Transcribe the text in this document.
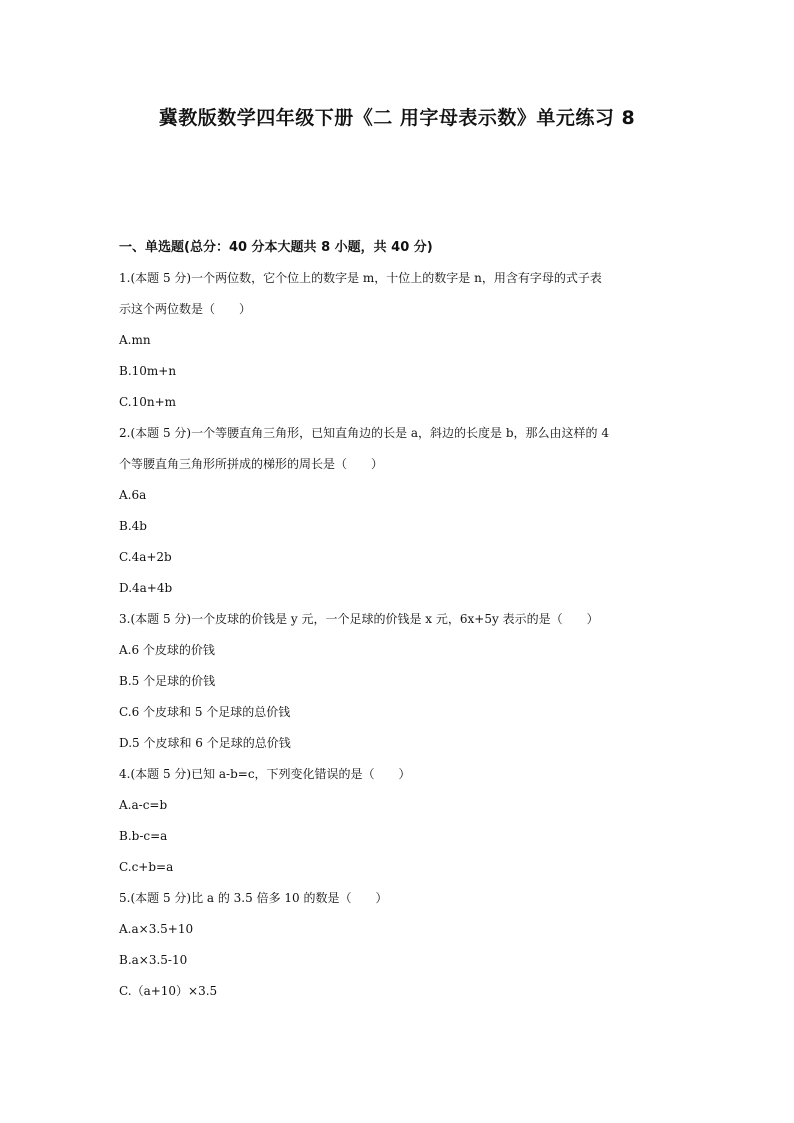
冀教版数学四年级下册《二 用字母表示数》单元练习 8
一、单选题(总分：40 分本大题共 8 小题，共 40 分)
1.(本题 5 分)一个两位数，它个位上的数字是 m，十位上的数字是 n，用含有字母的式子表
示这个两位数是（　　）
A.mn
B.10m+n
C.10n+m
2.(本题 5 分)一个等腰直角三角形，已知直角边的长是 a，斜边的长度是 b，那么由这样的 4
个等腰直角三角形所拼成的梯形的周长是（　　）
A.6a
B.4b
C.4a+2b
D.4a+4b
3.(本题 5 分)一个皮球的价钱是 y 元，一个足球的价钱是 x 元，6x+5y 表示的是（　　）
A.6 个皮球的价钱
B.5 个足球的价钱
C.6 个皮球和 5 个足球的总价钱
D.5 个皮球和 6 个足球的总价钱
4.(本题 5 分)已知 a-b=c，下列变化错误的是（　　）
A.a-c=b
B.b-c=a
C.c+b=a
5.(本题 5 分)比 a 的 3.5 倍多 10 的数是（　　）
A.a×3.5+10
B.a×3.5-10
C.（a+10）×3.5
